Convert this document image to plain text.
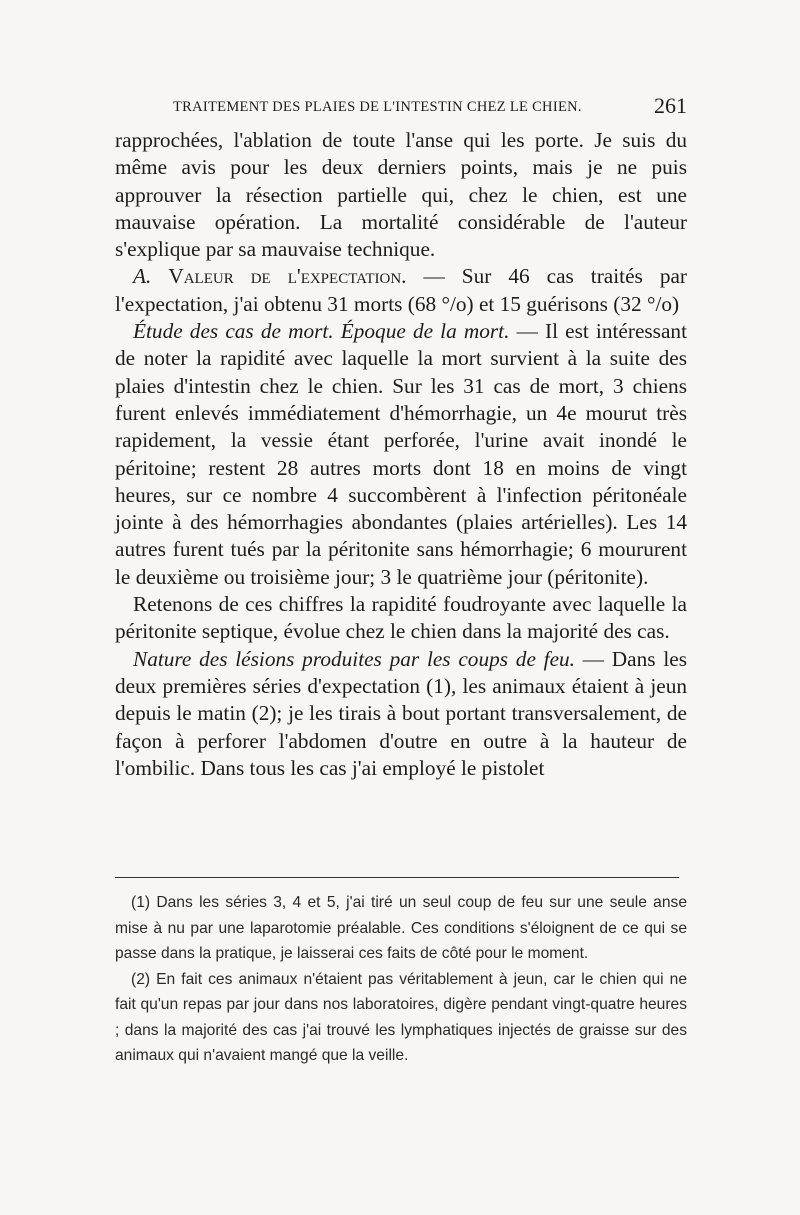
TRAITEMENT DES PLAIES DE L'INTESTIN CHEZ LE CHIEN.	261

rapprochées, l'ablation de toute l'anse qui les porte. Je suis du même avis pour les deux derniers points, mais je ne puis approuver la résection partielle qui, chez le chien, est une mauvaise opération. La mortalité considérable de l'auteur s'explique par sa mauvaise technique.

A. Valeur de l'expectation. — Sur 46 cas traités par l'expectation, j'ai obtenu 31 morts (68 °/o) et 15 guérisons (32 °/o)

Étude des cas de mort. Époque de la mort. — Il est intéressant de noter la rapidité avec laquelle la mort survient à la suite des plaies d'intestin chez le chien. Sur les 31 cas de mort, 3 chiens furent enlevés immédiatement d'hémorrhagie, un 4e mourut très rapidement, la vessie étant perforée, l'urine avait inondé le péritoine; restent 28 autres morts dont 18 en moins de vingt heures, sur ce nombre 4 succombèrent à l'infection péritonéale jointe à des hémorrhagies abondantes (plaies artérielles). Les 14 autres furent tués par la péritonite sans hémorrhagie; 6 moururent le deuxième ou troisième jour; 3 le quatrième jour (péritonite).

Retenons de ces chiffres la rapidité foudroyante avec laquelle la péritonite septique, évolue chez le chien dans la majorité des cas.

Nature des lésions produites par les coups de feu. — Dans les deux premières séries d'expectation (1), les animaux étaient à jeun depuis le matin (2); je les tirais à bout portant transversalement, de façon à perforer l'abdomen d'outre en outre à la hauteur de l'ombilic. Dans tous les cas j'ai employé le pistolet

(1) Dans les séries 3, 4 et 5, j'ai tiré un seul coup de feu sur une seule anse mise à nu par une laparotomie préalable. Ces conditions s'éloignent de ce qui se passe dans la pratique, je laisserai ces faits de côté pour le moment.

(2) En fait ces animaux n'étaient pas véritablement à jeun, car le chien qui ne fait qu'un repas par jour dans nos laboratoires, digère pendant vingt-quatre heures ; dans la majorité des cas j'ai trouvé les lymphatiques injectés de graisse sur des animaux qui n'avaient mangé que la veille.
